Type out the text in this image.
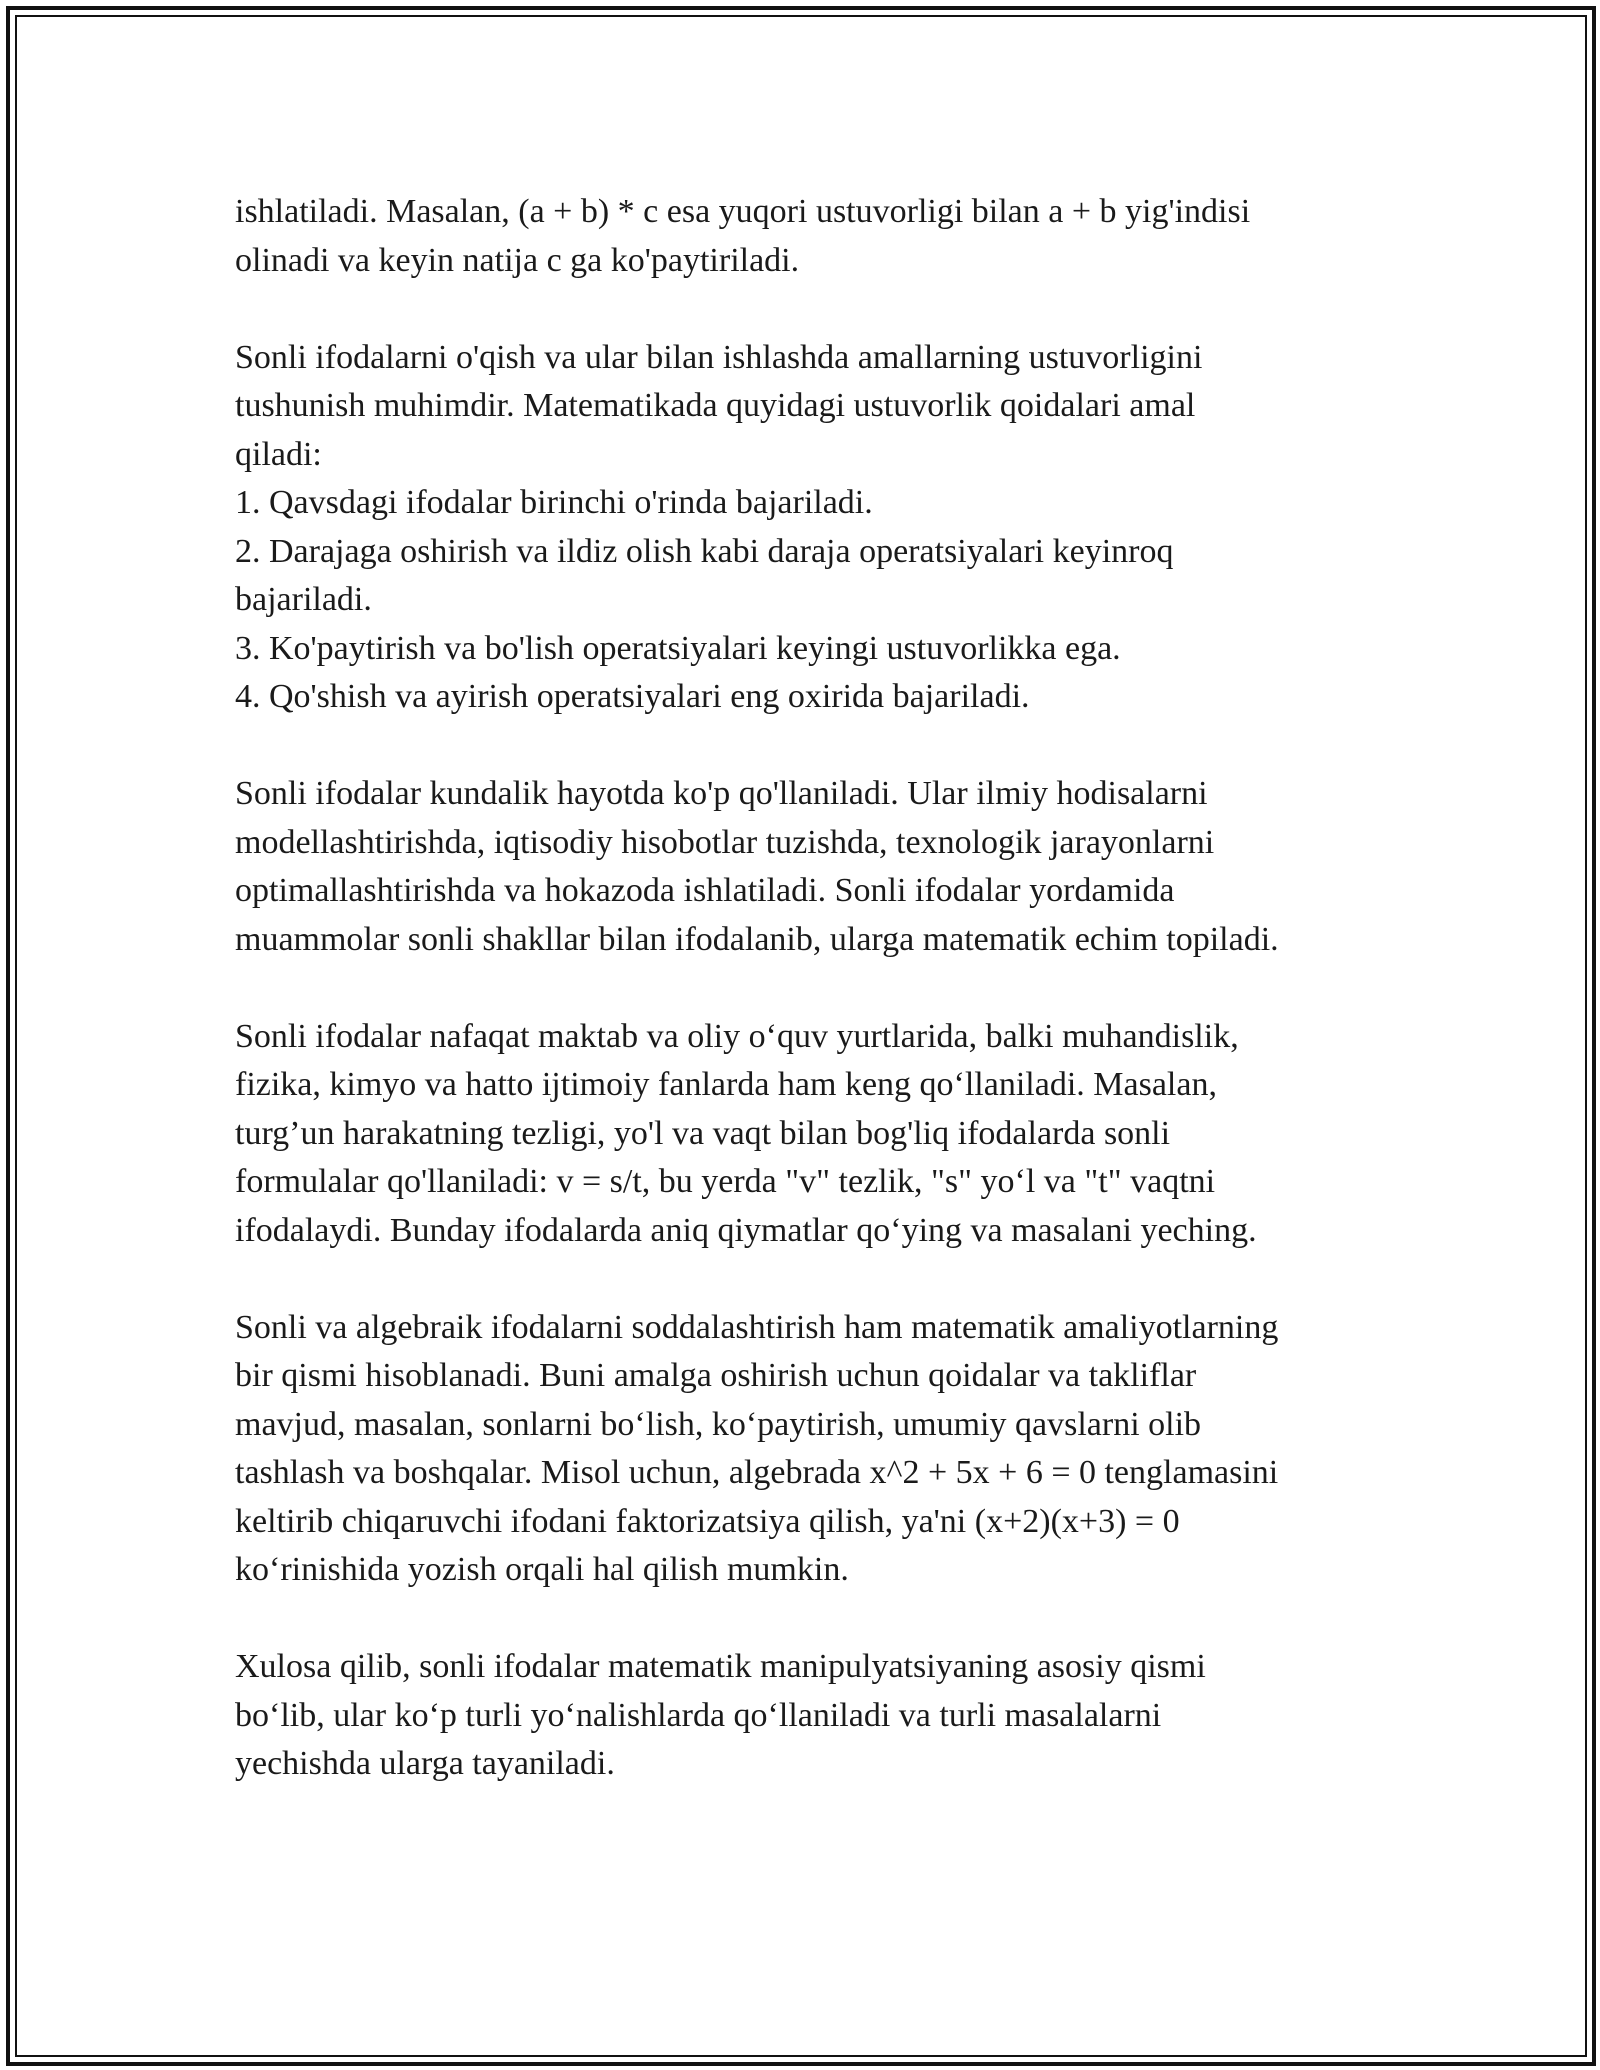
ishlatiladi. Masalan, (a + b) * c esa yuqori ustuvorligi bilan a + b yig'indisi
olinadi va keyin natija c ga ko'paytiriladi.

Sonli ifodalarni o'qish va ular bilan ishlashda amallarning ustuvorligini
tushunish muhimdir. Matematikada quyidagi ustuvorlik qoidalari amal
qiladi:
1. Qavsdagi ifodalar birinchi o'rinda bajariladi.
2. Darajaga oshirish va ildiz olish kabi daraja operatsiyalari keyinroq
bajariladi.
3. Ko'paytirish va bo'lish operatsiyalari keyingi ustuvorlikka ega.
4. Qo'shish va ayirish operatsiyalari eng oxirida bajariladi.

Sonli ifodalar kundalik hayotda ko'p qo'llaniladi. Ular ilmiy hodisalarni
modellashtirishda, iqtisodiy hisobotlar tuzishda, texnologik jarayonlarni
optimallashtirishda va hokazoda ishlatiladi. Sonli ifodalar yordamida
muammolar sonli shakllar bilan ifodalanib, ularga matematik echim topiladi.

Sonli ifodalar nafaqat maktab va oliy o‘quv yurtlarida, balki muhandislik,
fizika, kimyo va hatto ijtimoiy fanlarda ham keng qo‘llaniladi. Masalan,
turg’un harakatning tezligi, yo'l va vaqt bilan bog'liq ifodalarda sonli
formulalar qo'llaniladi: v = s/t, bu yerda "v" tezlik, "s" yo‘l va "t" vaqtni
ifodalaydi. Bunday ifodalarda aniq qiymatlar qo‘ying va masalani yeching.

Sonli va algebraik ifodalarni soddalashtirish ham matematik amaliyotlarning
bir qismi hisoblanadi. Buni amalga oshirish uchun qoidalar va takliflar
mavjud, masalan, sonlarni bo‘lish, ko‘paytirish, umumiy qavslarni olib
tashlash va boshqalar. Misol uchun, algebrada x^2 + 5x + 6 = 0 tenglamasini
keltirib chiqaruvchi ifodani faktorizatsiya qilish, ya'ni (x+2)(x+3) = 0
ko‘rinishida yozish orqali hal qilish mumkin.

Xulosa qilib, sonli ifodalar matematik manipulyatsiyaning asosiy qismi
bo‘lib, ular ko‘p turli yo‘nalishlarda qo‘llaniladi va turli masalalarni
yechishda ularga tayaniladi.
